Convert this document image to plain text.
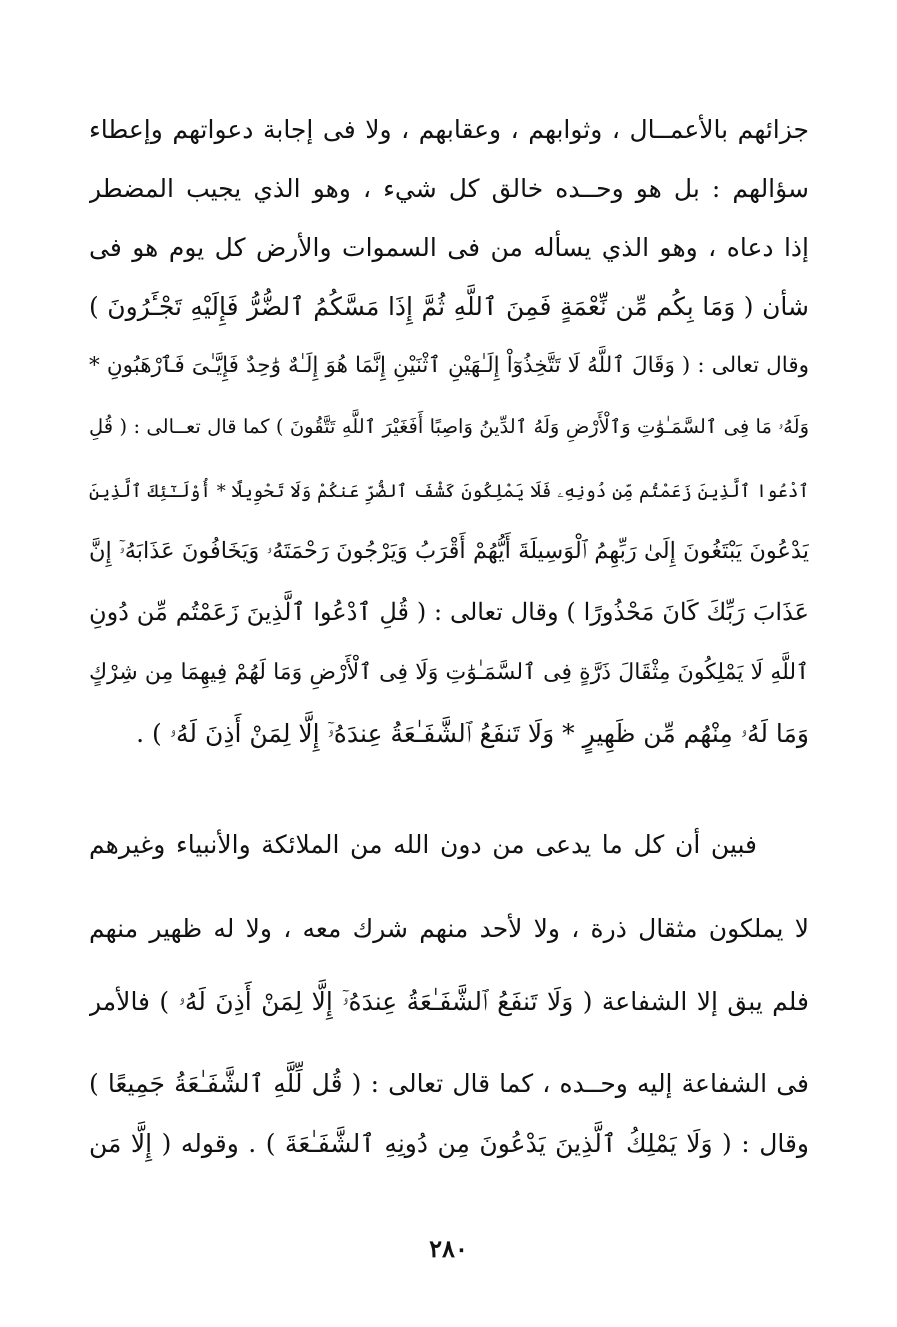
جزائهم بالأعمــال ، وثوابهم ، وعقابهم ، ولا فى إجابة دعواتهم وإعطاء
سؤالهم : بل هو وحــده خالق كل شيء ، وهو الذي يجيب المضطر
إذا دعاه ، وهو الذي يسأله من فى السموات والأرض كل يوم هو فى
شأن ( وَمَا بِكُم مِّن نِّعْمَةٍ فَمِنَ ٱللَّهِ ثُمَّ إِذَا مَسَّكُمُ ٱلضُّرُّ فَإِلَيْهِ تَجْـَٔرُونَ )
وقال تعالى : ( وَقَالَ ٱللَّهُ لَا تَتَّخِذُوٓاْ إِلَـٰهَيْنِ ٱثْنَيْنِ إِنَّمَا هُوَ إِلَـٰهٌ وَٰحِدٌ فَإِيَّـٰىَ فَٱرْهَبُونِ *
وَلَهُۥ مَا فِى ٱلسَّمَـٰوَٰتِ وَٱلْأَرْضِ وَلَهُ ٱلدِّينُ وَاصِبًا أَفَغَيْرَ ٱللَّهِ تَتَّقُونَ ) كما قال تعــالى : ( قُلِ
ٱدْعُوا ٱلَّذِينَ زَعَمْتُم مِّن دُونِهِۦ فَلَا يَمْلِكُونَ كَشْفَ ٱلضُّرِّ عَنكُمْ وَلَا تَحْوِيلًا * أُوْلَـٰٓئِكَ ٱلَّذِينَ
يَدْعُونَ يَبْتَغُونَ إِلَىٰ رَبِّهِمُ ٱلْوَسِيلَةَ أَيُّهُمْ أَقْرَبُ وَيَرْجُونَ رَحْمَتَهُۥ وَيَخَافُونَ عَذَابَهُۥٓ إِنَّ
عَذَابَ رَبِّكَ كَانَ مَحْذُورًا ) وقال تعالى : ( قُلِ ٱدْعُوا ٱلَّذِينَ زَعَمْتُم مِّن دُونِ
ٱللَّهِ لَا يَمْلِكُونَ مِثْقَالَ ذَرَّةٍ فِى ٱلسَّمَـٰوَٰتِ وَلَا فِى ٱلْأَرْضِ وَمَا لَهُمْ فِيهِمَا مِن شِرْكٍ
وَمَا لَهُۥ مِنْهُم مِّن ظَهِيرٍ * وَلَا تَنفَعُ ٱلشَّفَـٰعَةُ عِندَهُۥٓ إِلَّا لِمَنْ أَذِنَ لَهُۥ ) .
فبين أن كل ما يدعى من دون الله من الملائكة والأنبياء وغيرهم
لا يملكون مثقال ذرة ، ولا لأحد منهم شرك معه ، ولا له ظهير منهم
فلم يبق إلا الشفاعة ( وَلَا تَنفَعُ ٱلشَّفَـٰعَةُ عِندَهُۥٓ إِلَّا لِمَنْ أَذِنَ لَهُۥ ) فالأمر
فى الشفاعة إليه وحــده ، كما قال تعالى : ( قُل لِّلَّهِ ٱلشَّفَـٰعَةُ جَمِيعًا )
وقال : ( وَلَا يَمْلِكُ ٱلَّذِينَ يَدْعُونَ مِن دُونِهِ ٱلشَّفَـٰعَةَ ) . وقوله ( إِلَّا مَن
٢٨٠
